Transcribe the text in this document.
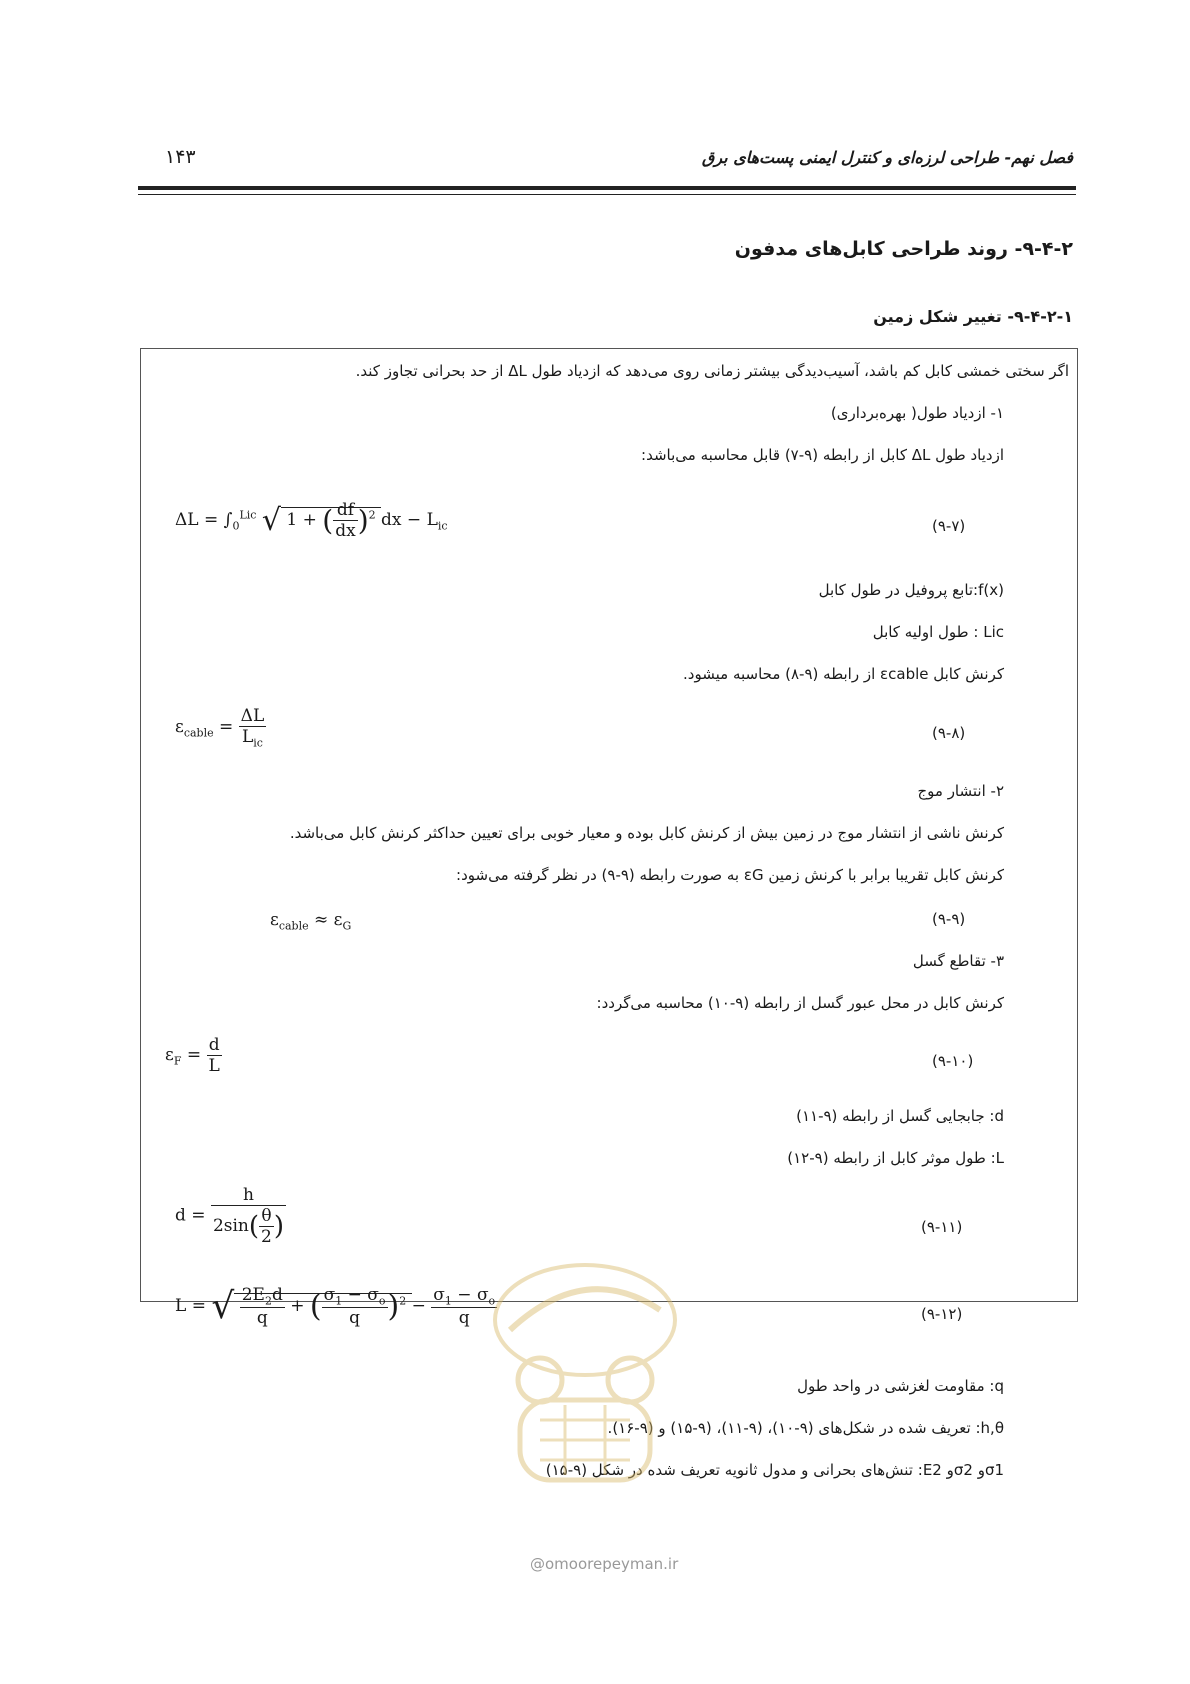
فصل نهم- طراحی لرزه‌ای و کنترل ایمنی پست‌های برق
۱۴۳
۹-۴-۲- روند طراحی کابل‌های مدفون
۹-۴-۲-۱- تغییر شکل زمین
اگر سختی خمشی کابل کم باشد، آسیب‌دیدگی بیشتر زمانی روی می‌دهد که ازدیاد طول ΔL از حد بحرانی تجاوز کند.
۱- ازدیاد طول( بهره‌برداری)
ازدیاد طول ΔL کابل از رابطه (۹-۷) قابل محاسبه می‌باشد:
$\Delta L = \int_0^{Lic}$ √ 1 + ( $\frac{df}{dx} )^2$ dx − $L_{ic}$	(۹-۷)
f(x):تابع پروفیل در طول کابل
Lic : طول اولیه کابل
کرنش کابل εcable از رابطه (۹-۸) محاسبه میشود.
$\varepsilon_{cable} = \frac{\Delta L}{L_{ic}}$	(۹-۸)
۲- انتشار موج
کرنش ناشی از انتشار موج در زمین بیش از کرنش کابل بوده و معیار خوبی برای تعیین حداکثر کرنش کابل می‌باشد.
کرنش کابل تقریبا برابر با کرنش زمین εG به صورت رابطه (۹-۹) در نظر گرفته می‌شود:
$\varepsilon_{cable} \approx \varepsilon_G$	(۹-۹)
۳- تقاطع گسل
کرنش کابل در محل عبور گسل از رابطه (۹-۱۰) محاسبه می‌گردد:
$\varepsilon_F = \frac{d}{L}$	(۹-۱۰)
d: جابجایی گسل از رابطه (۹-۱۱)
L: طول موثر کابل از رابطه (۹-۱۲)
$d = \frac{h}{2\sin( \frac{\theta}{2} )}$	(۹-۱۱)
L = √ $\frac{2E_2d}{q}$ + ( $\frac{\sigma_1 - \sigma_o}{q} )^2 - \frac{\sigma_1 - \sigma_o}{q}$	(۹-۱۲)
q: مقاومت لغزشی در واحد طول
h,θ: تعریف شده در شکل‌های (۹-۱۰)، (۹-۱۱)، (۹-۱۵) و (۹-۱۶).
σ1و σ2و E2: تنش‌های بحرانی و مدول ثانویه تعریف شده در شکل (۹-۱۵)
@omoorepeyman.ir
